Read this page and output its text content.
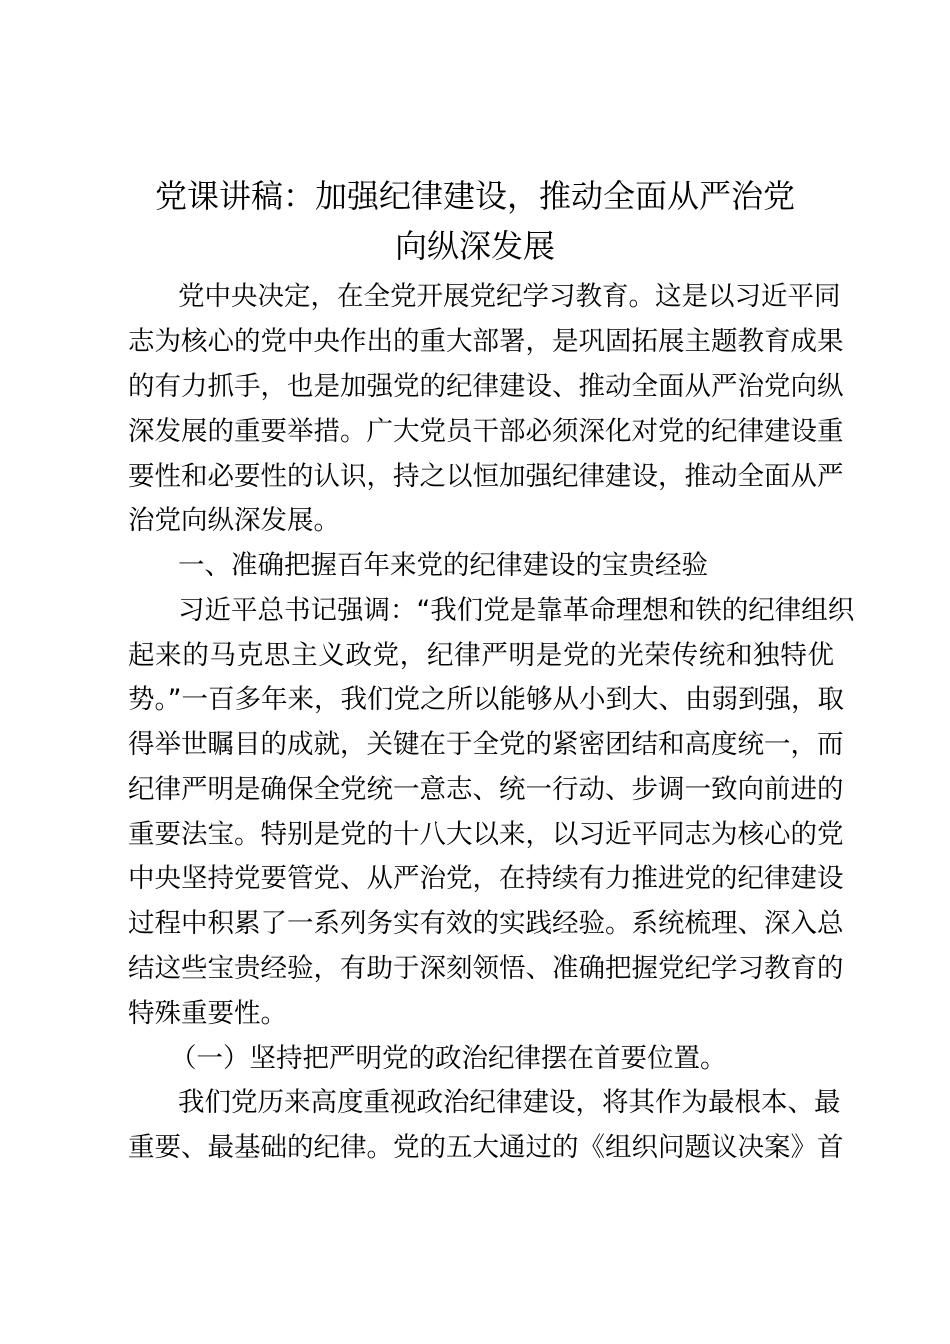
党课讲稿：加强纪律建设，推动全面从严治党
向纵深发展
党中央决定，在全党开展党纪学习教育。这是以习近平同
志为核心的党中央作出的重大部署，是巩固拓展主题教育成果
的有力抓手，也是加强党的纪律建设、推动全面从严治党向纵
深发展的重要举措。广大党员干部必须深化对党的纪律建设重
要性和必要性的认识，持之以恒加强纪律建设，推动全面从严
治党向纵深发展。
一、准确把握百年来党的纪律建设的宝贵经验
习近平总书记强调：“我们党是靠革命理想和铁的纪律组织
起来的马克思主义政党，纪律严明是党的光荣传统和独特优
势。”一百多年来，我们党之所以能够从小到大、由弱到强，取
得举世瞩目的成就，关键在于全党的紧密团结和高度统一，而
纪律严明是确保全党统一意志、统一行动、步调一致向前进的
重要法宝。特别是党的十八大以来，以习近平同志为核心的党
中央坚持党要管党、从严治党，在持续有力推进党的纪律建设
过程中积累了一系列务实有效的实践经验。系统梳理、深入总
结这些宝贵经验，有助于深刻领悟、准确把握党纪学习教育的
特殊重要性。
（一）坚持把严明党的政治纪律摆在首要位置。
我们党历来高度重视政治纪律建设，将其作为最根本、最
重要、最基础的纪律。党的五大通过的《组织问题议决案》首
